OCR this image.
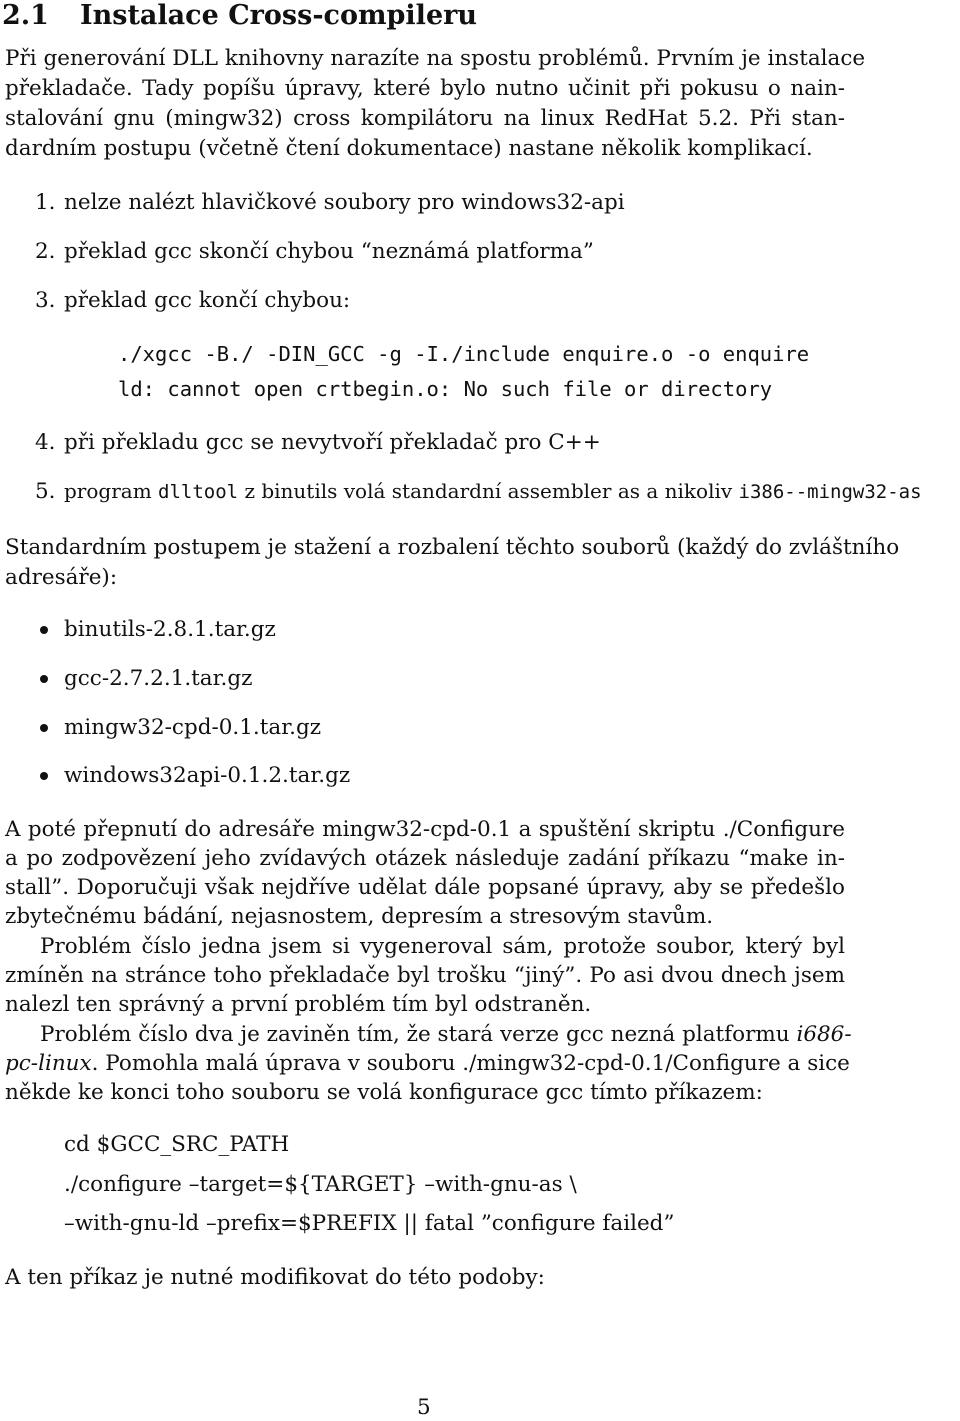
2.1 Instalace Cross-compileru
Při generování DLL knihovny narazíte na spostu problémů. Prvním je instalace
překladače. Tady popíšu úpravy, které bylo nutno učinit při pokusu o nain-
stalování gnu (mingw32) cross kompilátoru na linux RedHat 5.2. Při stan-
dardním postupu (včetně čtení dokumentace) nastane několik komplikací.
1. nelze nalézt hlavičkové soubory pro windows32-api
2. překlad gcc skončí chybou “neznámá platforma”
3. překlad gcc končí chybou:
./xgcc -B./ -DIN_GCC -g -I./include enquire.o -o enquire
ld: cannot open crtbegin.o: No such file or directory
4. při překladu gcc se nevytvoří překladač pro C++
5. program dlltool z binutils volá standardní assembler as a nikoliv i386--mingw32-as
Standardním postupem je stažení a rozbalení těchto souborů (každý do zvláštního
adresáře):
binutils-2.8.1.tar.gz
gcc-2.7.2.1.tar.gz
mingw32-cpd-0.1.tar.gz
windows32api-0.1.2.tar.gz
A poté přepnutí do adresáře mingw32-cpd-0.1 a spuštění skriptu ./Configure
a po zodpovězení jeho zvídavých otázek následuje zadání příkazu “make in-
stall”. Doporučuji však nejdříve udělat dále popsané úpravy, aby se předešlo
zbytečnému bádání, nejasnostem, depresím a stresovým stavům.
Problém číslo jedna jsem si vygeneroval sám, protože soubor, který byl
zmíněn na stránce toho překladače byl trošku “jiný”. Po asi dvou dnech jsem
nalezl ten správný a první problém tím byl odstraněn.
Problém číslo dva je zaviněn tím, že stará verze gcc nezná platformu i686-
pc-linux. Pomohla malá úprava v souboru ./mingw32-cpd-0.1/Configure a sice
někde ke konci toho souboru se volá konfigurace gcc tímto příkazem:
cd $GCC_SRC_PATH
./configure –target=${TARGET} –with-gnu-as \
–with-gnu-ld –prefix=$PREFIX || fatal ”configure failed”
A ten příkaz je nutné modifikovat do této podoby:
5
